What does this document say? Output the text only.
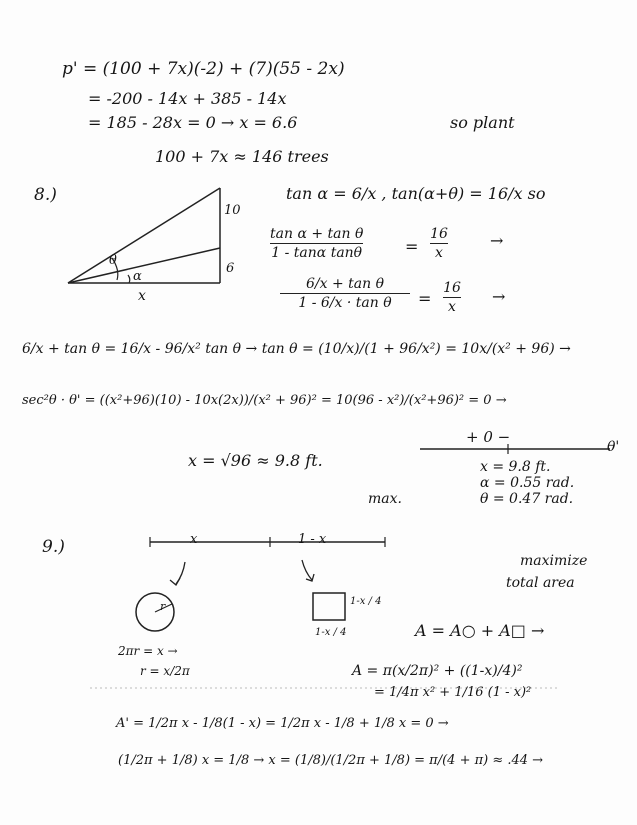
p' = (100 + 7x)(-2) + (7)(55 - 2x)
= -200 - 14x + 385 - 14x
= 185 - 28x = 0 → x = 6.6	so plant
100 + 7x ≈ 146 trees
8.)
θ
α
x
10
6
tan α = 6/x , tan(α+θ) = 16/x so
tan α + tan θ
1 - tanα tanθ	=
16
x
→
6/x + tan θ
1 - 6/x · tan θ	=
16
x
→
6/x + tan θ = 16/x - 96/x² tan θ → tan θ = (10/x)/(1 + 96/x²) = 10x/(x² + 96) →
sec²θ · θ' = ((x²+96)(10) - 10x(2x))/(x² + 96)² = 10(96 - x²)/(x²+96)² = 0 →
+ 0 −
θ'
x = √96 ≈ 9.8 ft.	x = 9.8 ft.
α = 0.55 rad.
θ = 0.47 rad.
max.
9.)	x	1 - x
maximize
total area
r	1-x / 4
1-x / 4	A = A○ + A□ →
2πr = x →
r = x/2π	A = π(x/2π)² + ((1-x)/4)²
= 1/4π x² + 1/16 (1 - x)²
A' = 1/2π x - 1/8(1 - x) = 1/2π x - 1/8 + 1/8 x = 0 →
(1/2π + 1/8) x = 1/8 → x = (1/8)/(1/2π + 1/8) = π/(4 + π) ≈ .44 →
